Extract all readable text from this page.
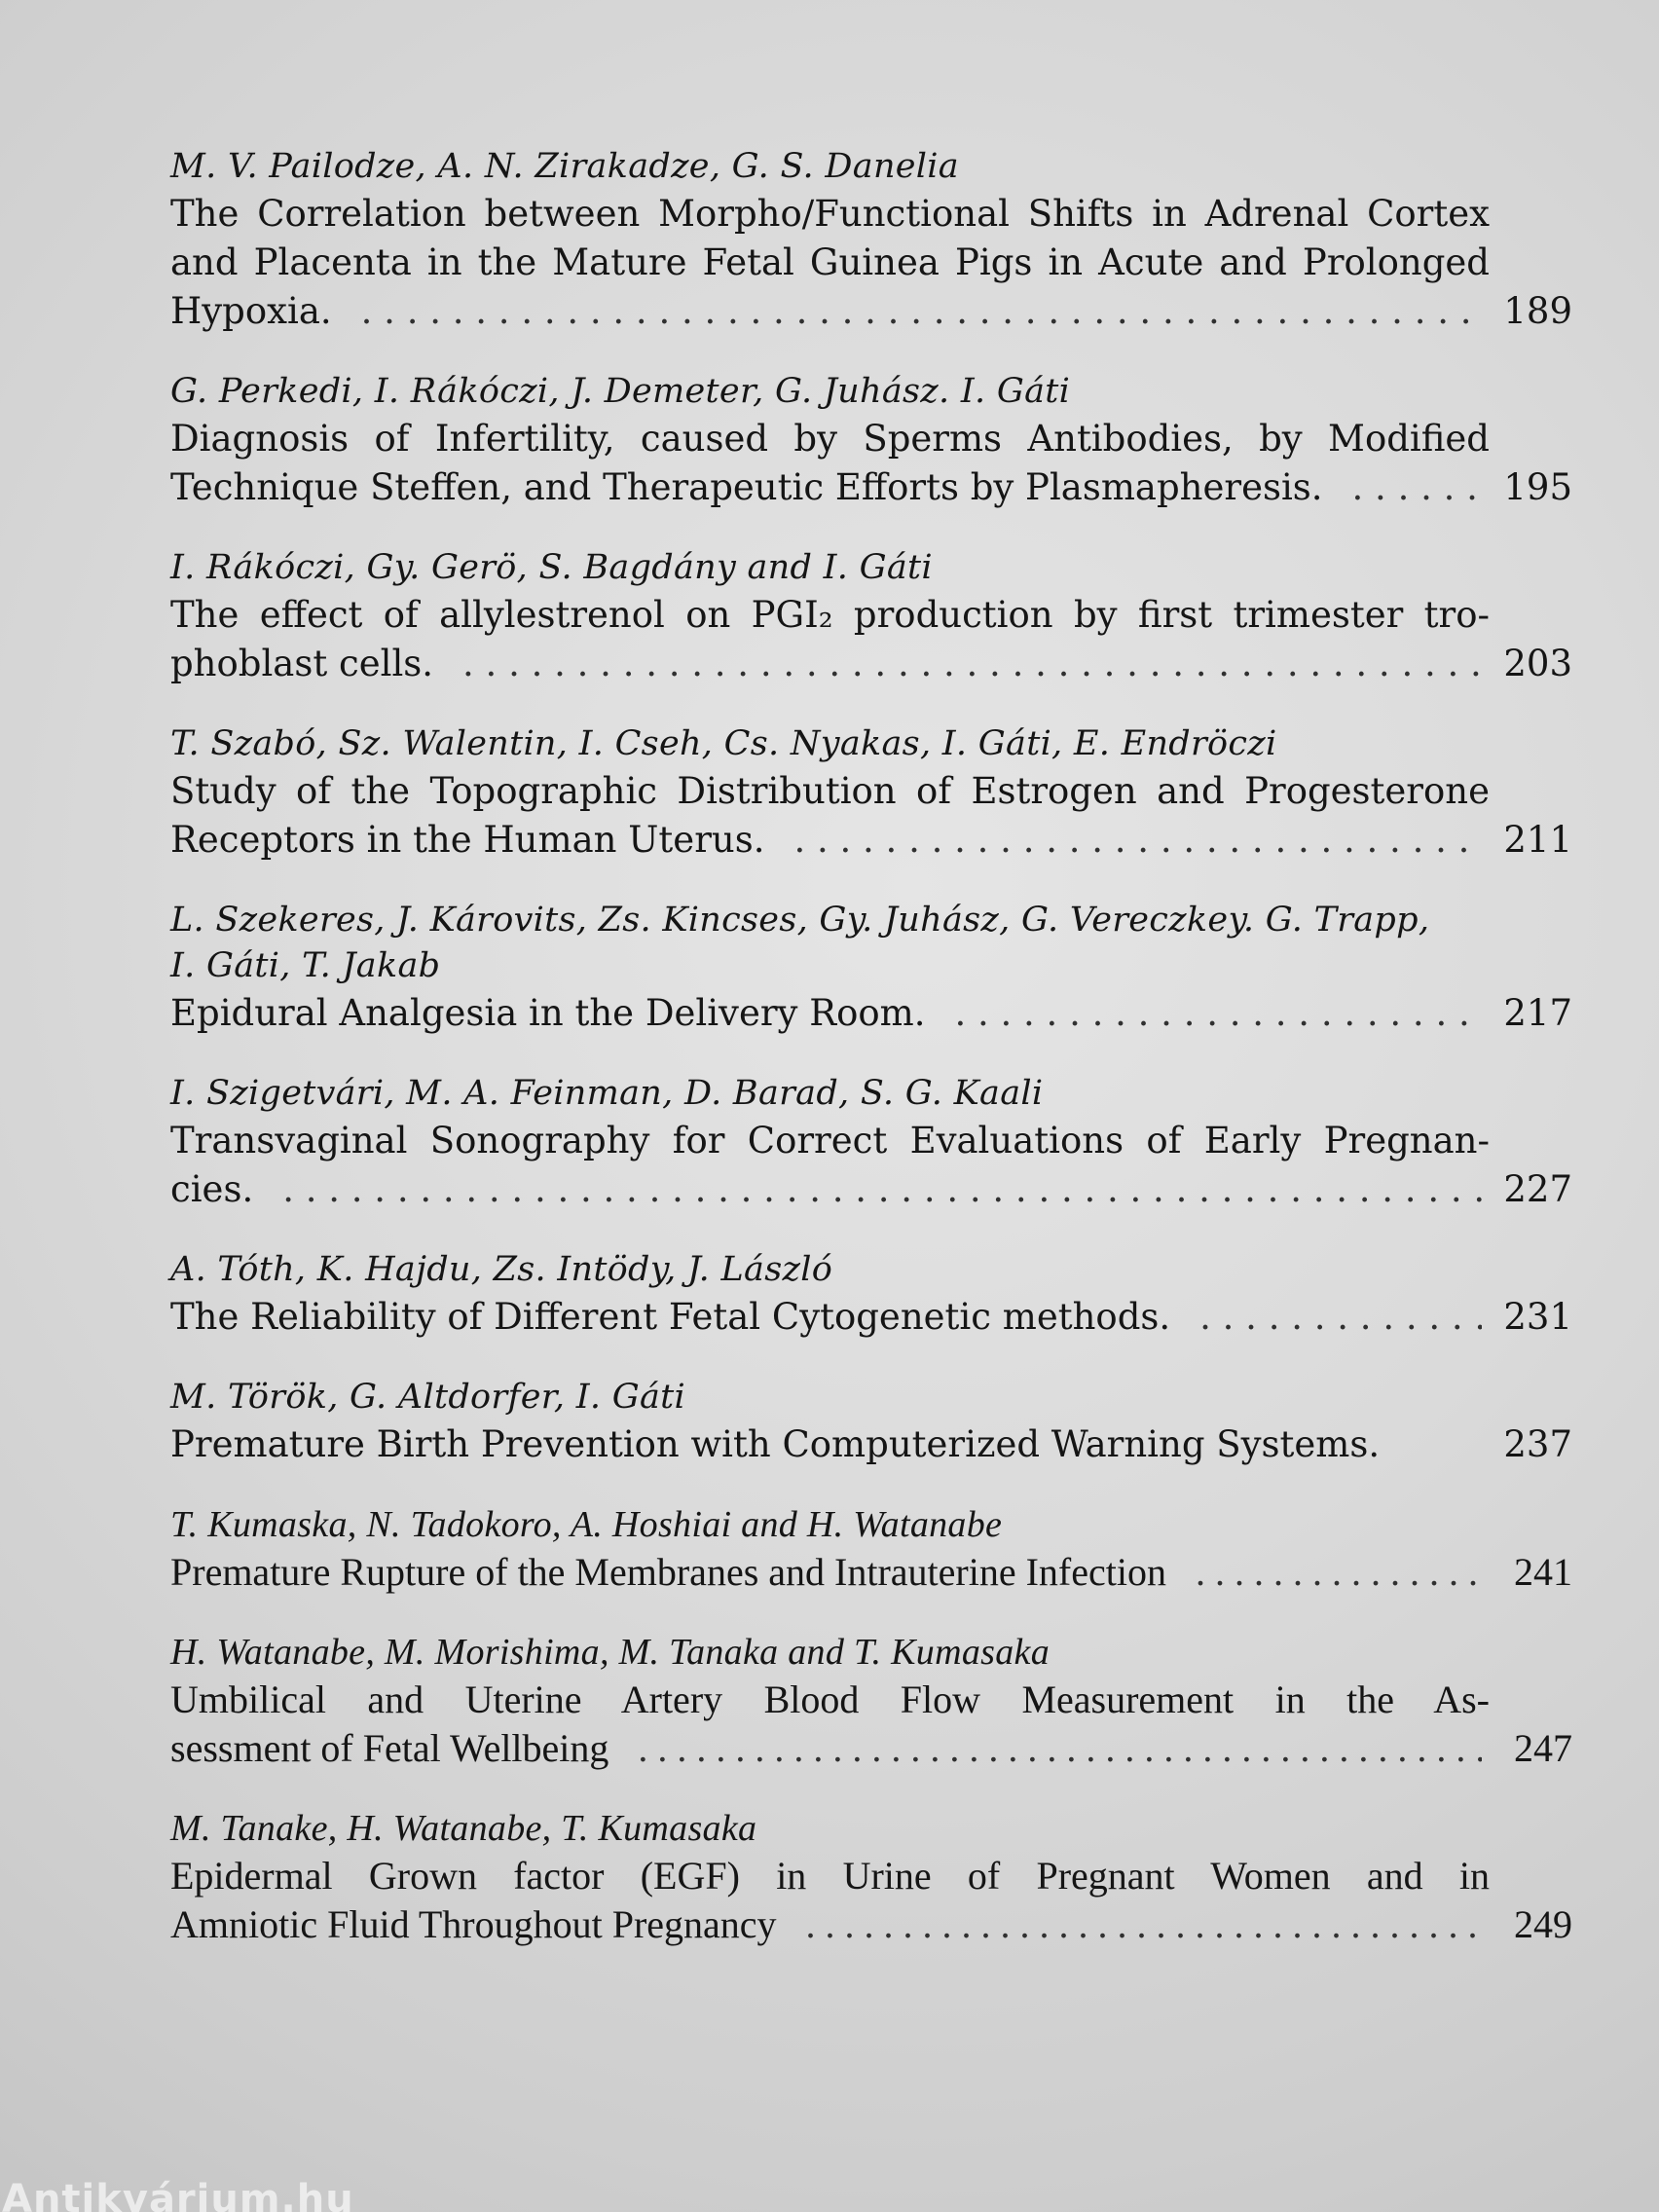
M. V. Pailodze, A. N. Zirakadze, G. S. Danelia
The Correlation between Morpho/Functional Shifts in Adrenal Cortex
and Placenta in the Mature Fetal Guinea Pigs in Acute and Prolonged
Hypoxia. . . .	189
G. Perkedi, I. Rákóczi, J. Demeter, G. Juhász. I. Gáti
Diagnosis of Infertility, caused by Sperms Antibodies, by Modified
Technique Steffen, and Therapeutic Efforts by Plasmapheresis. . . .	195
I. Rákóczi, Gy. Gerö, S. Bagdány and I. Gáti
The effect of allylestrenol on PGI₂ production by first trimester tro-
phoblast cells. . . .	203
T. Szabó, Sz. Walentin, I. Cseh, Cs. Nyakas, I. Gáti, E. Endröczi
Study of the Topographic Distribution of Estrogen and Progesterone
Receptors in the Human Uterus. . . .	211
L. Szekeres, J. Károvits, Zs. Kincses, Gy. Juhász, G. Vereczkey. G. Trapp,
I. Gáti, T. Jakab
Epidural Analgesia in the Delivery Room. . . .	217
I. Szigetvári, M. A. Feinman, D. Barad, S. G. Kaali
Transvaginal Sonography for Correct Evaluations of Early Pregnan-
cies. . . .	227
A. Tóth, K. Hajdu, Zs. Intödy, J. László
The Reliability of Different Fetal Cytogenetic methods. . . .	231
M. Török, G. Altdorfer, I. Gáti
Premature Birth Prevention with Computerized Warning Systems.	237
T. Kumaska, N. Tadokoro, A. Hoshiai and H. Watanabe
Premature Rupture of the Membranes and Intrauterine Infection . . .	241
H. Watanabe, M. Morishima, M. Tanaka and T. Kumasaka
Umbilical and Uterine Artery Blood Flow Measurement in the As-
sessment of Fetal Wellbeing . . .	247
M. Tanake, H. Watanabe, T. Kumasaka
Epidermal Grown factor (EGF) in Urine of Pregnant Women and in
Amniotic Fluid Throughout Pregnancy . . .	249
Antikvárium.hu
